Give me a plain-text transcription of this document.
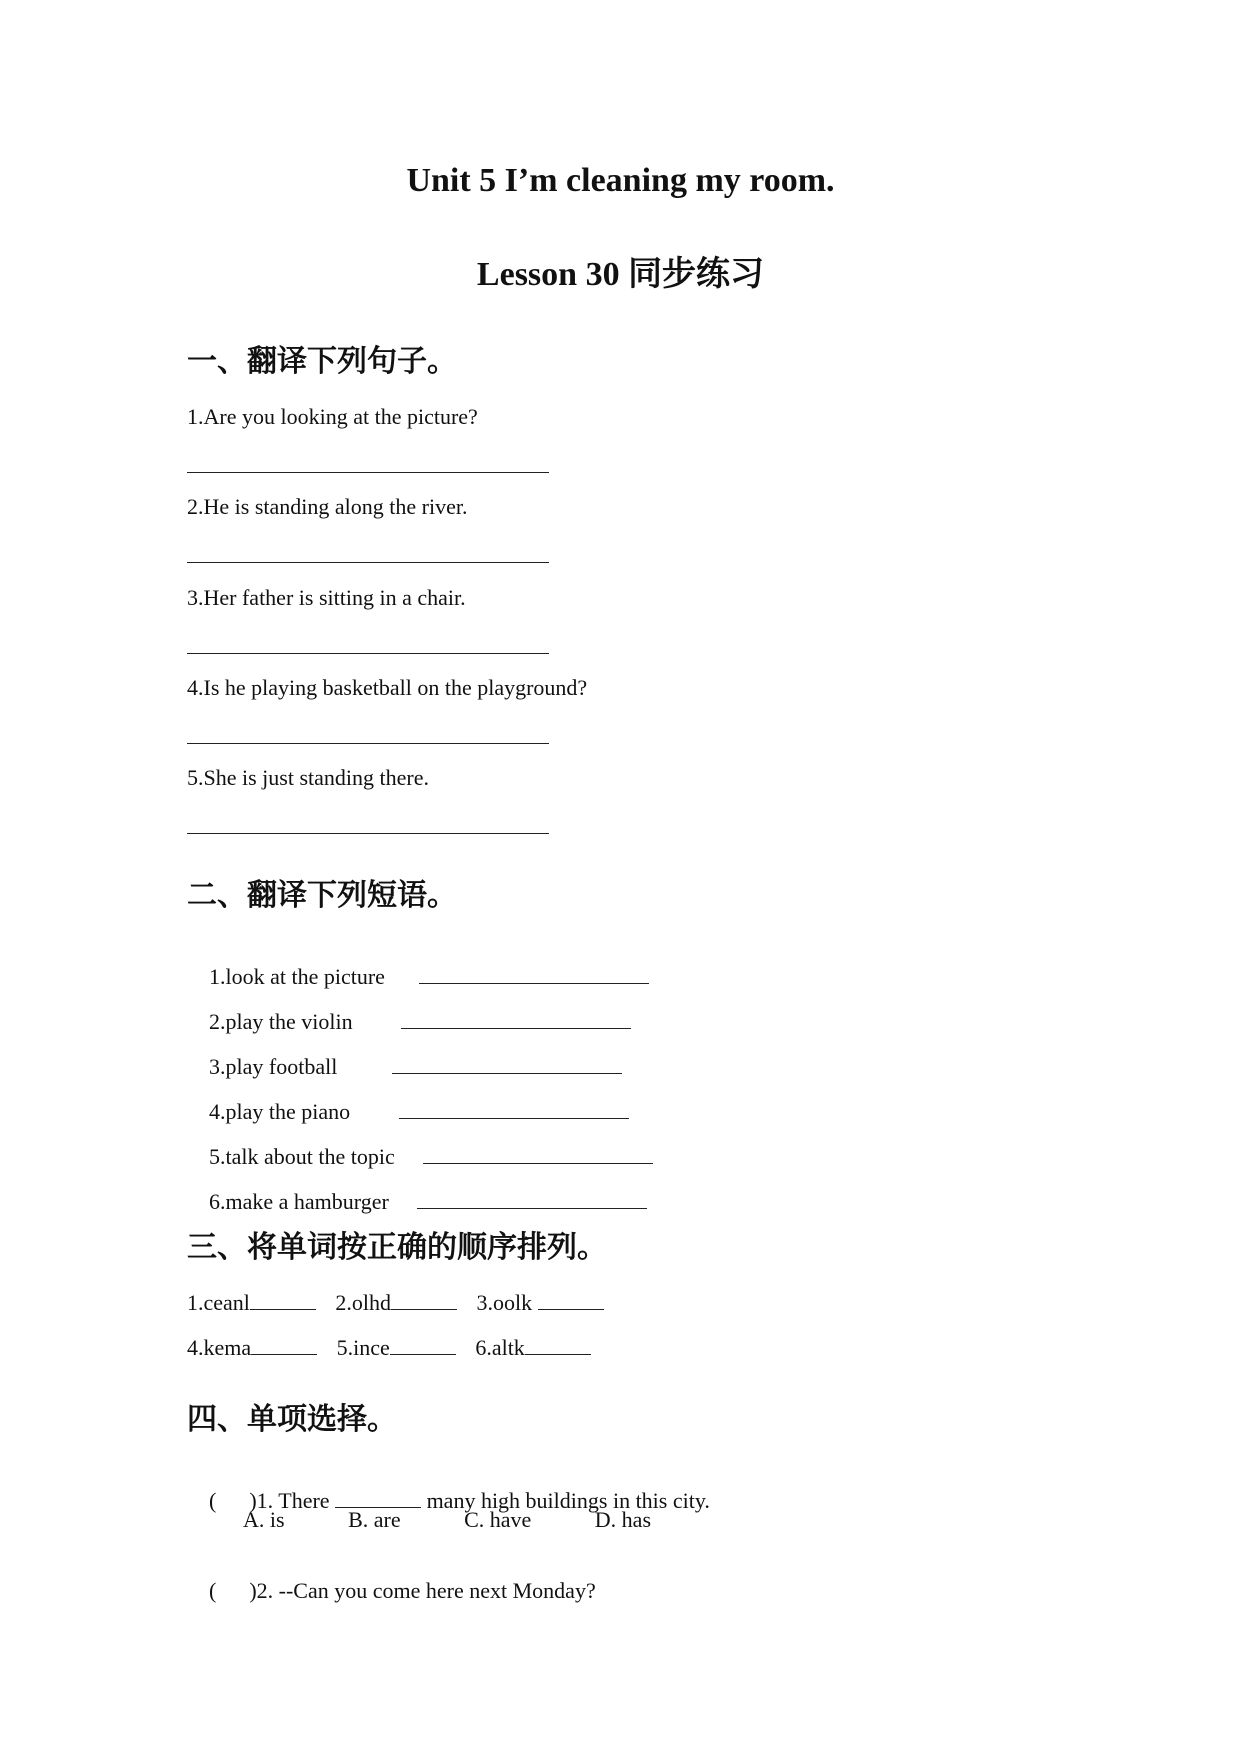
Unit 5 I’m cleaning my room.
Lesson 30 同步练习
一、翻译下列句子。
1.Are you looking at the picture?
2.He is standing along the river.
3.Her father is sitting in a chair.
4.Is he playing basketball on the playground?
5.She is just standing there.
二、翻译下列短语。

1.look at the picture

2.play the violin

3.play football

4.play the piano

5.talk about the topic

6.make a hamburger

三、将单词按正确的顺序排列。
1.ceanl	2.olhd	3.oolk
4.kema	5.ince	6.altk
四、单项选择。

(      )1. There	many high buildings in this city.

A. is	B. are	C. have	D. has

(      )2. --Can you come here next Monday?
